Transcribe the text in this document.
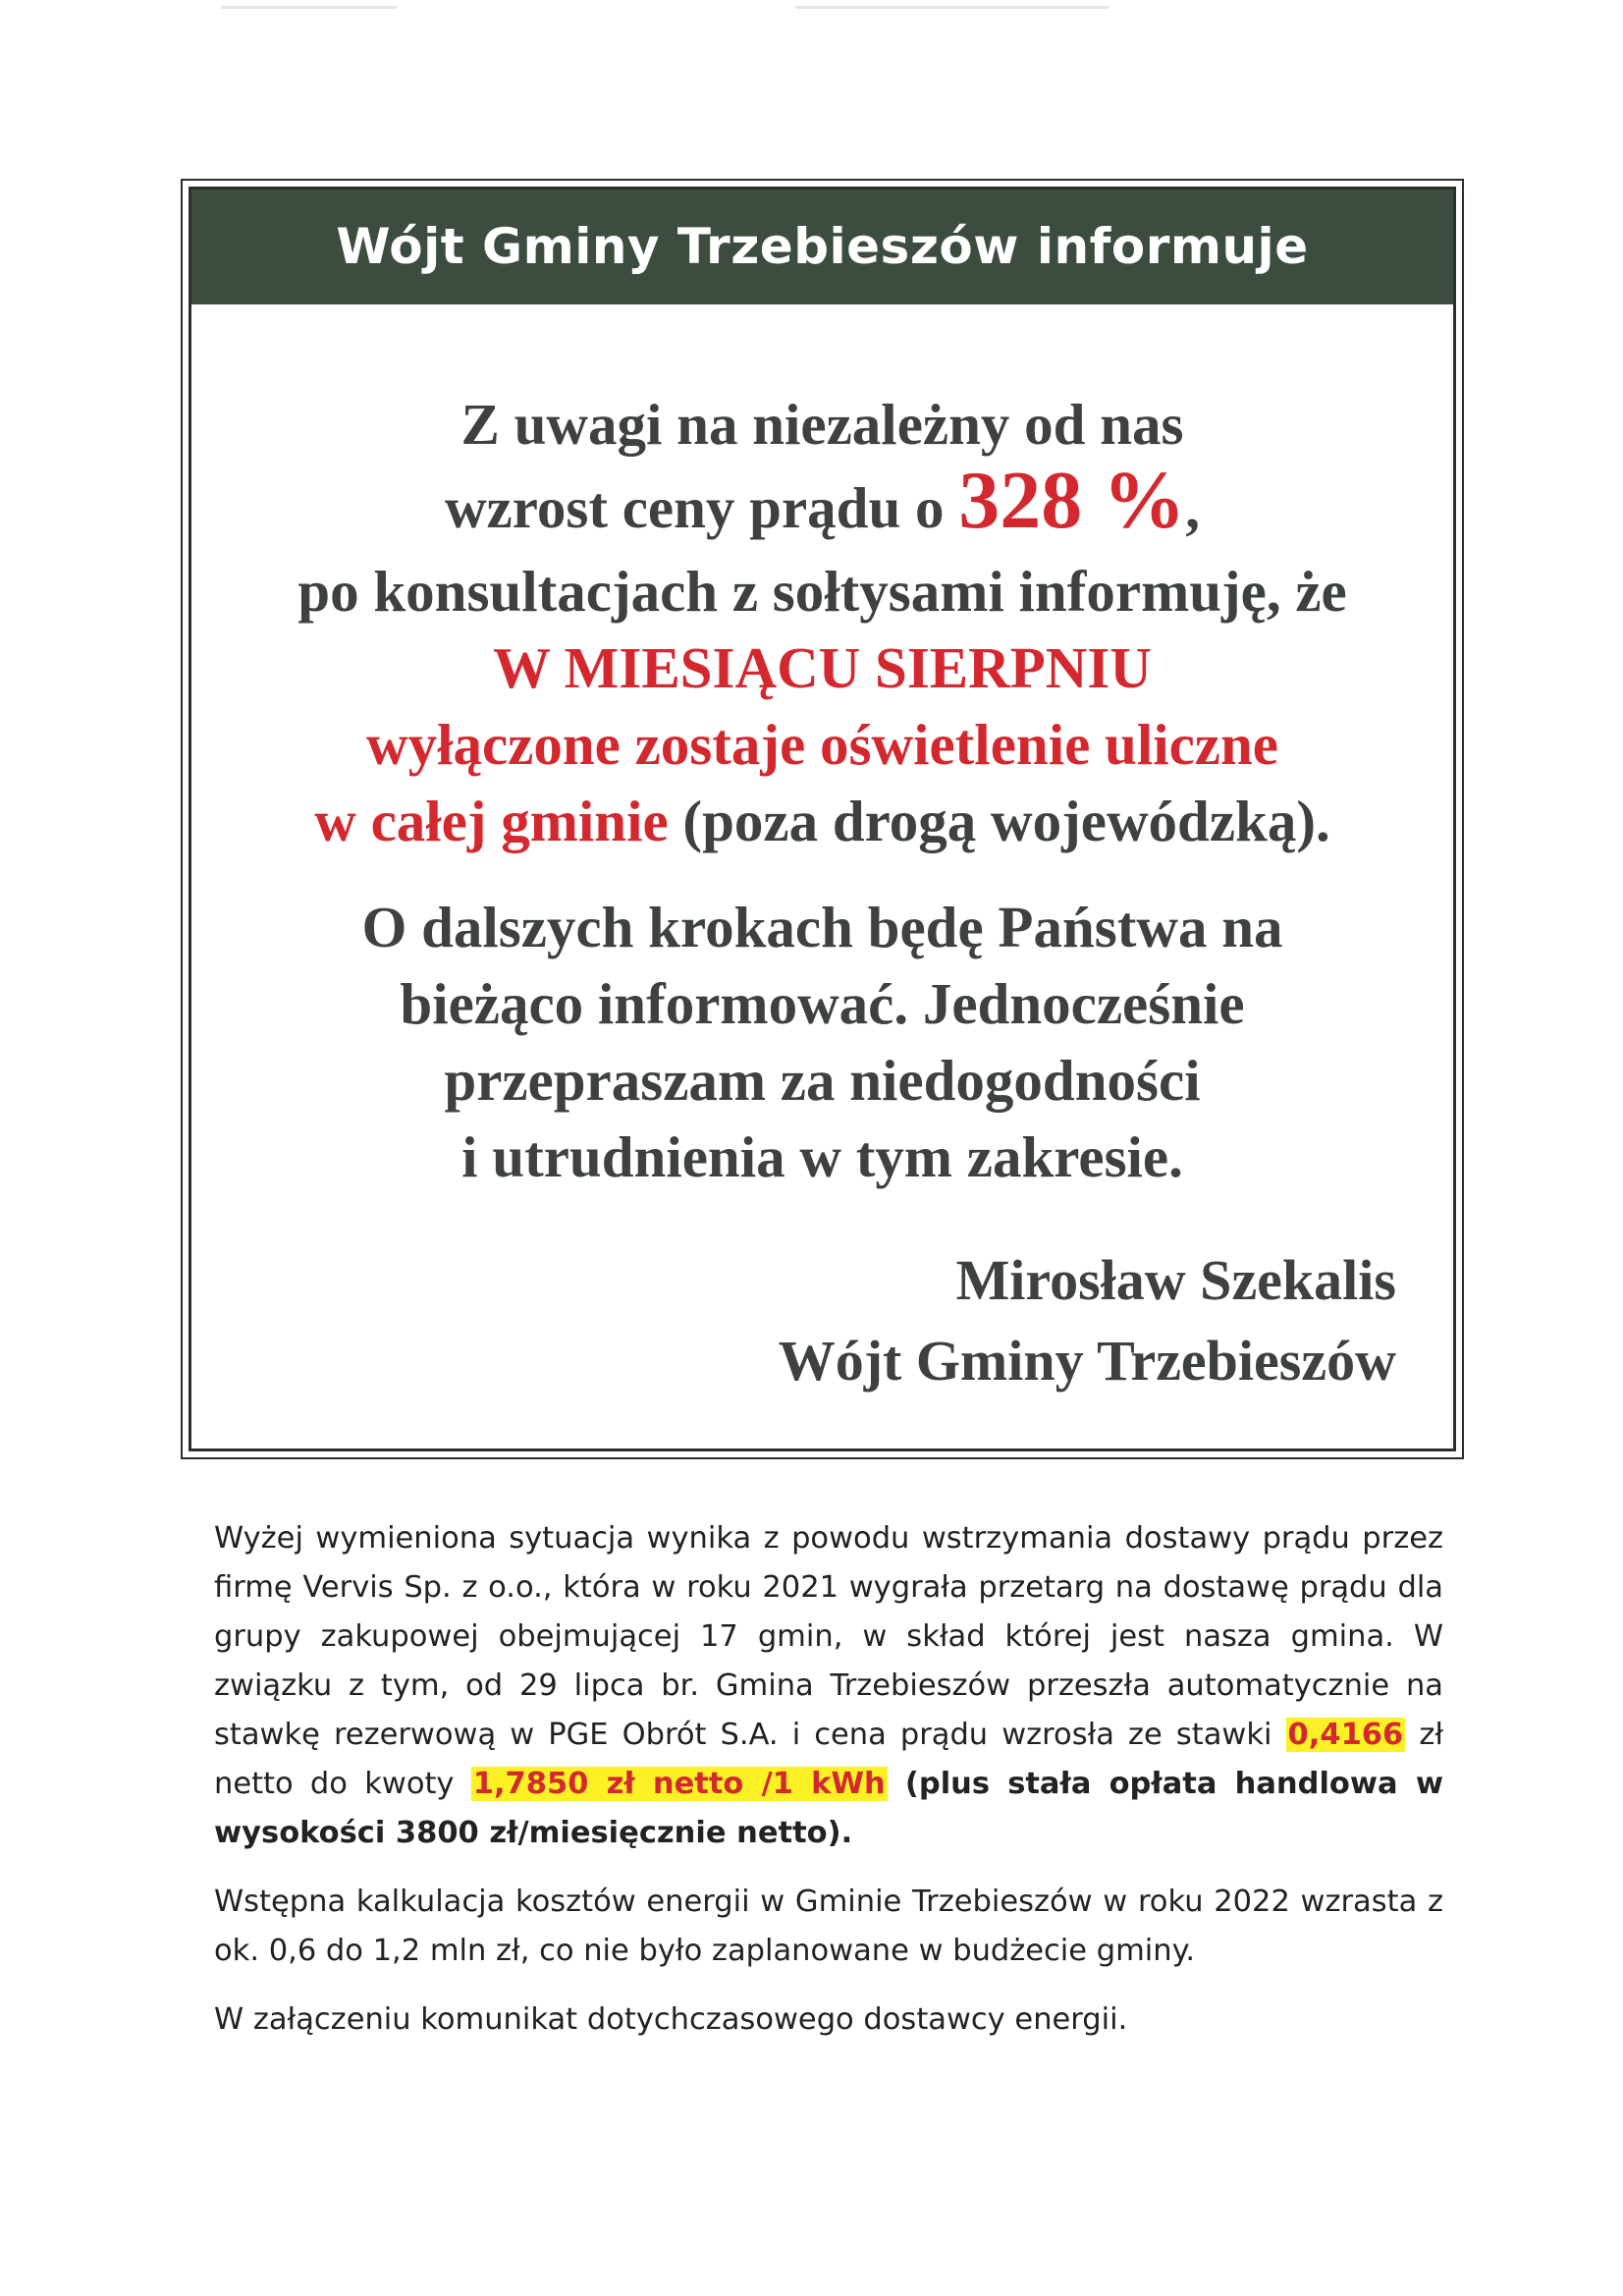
Wójt Gminy Trzebieszów informuje
Z uwagi na niezależny od nas
wzrost ceny prądu o 328 %,
po konsultacjach z sołtysami informuję, że
W MIESIĄCU SIERPNIU
wyłączone zostaje oświetlenie uliczne
w całej gminie (poza drogą wojewódzką).
O dalszych krokach będę Państwa na
bieżąco informować. Jednocześnie
przepraszam za niedogodności
i utrudnienia w tym zakresie.
Mirosław Szekalis
Wójt Gminy Trzebieszów

Wyżej wymieniona sytuacja wynika z powodu wstrzymania dostawy prądu przez firmę Vervis Sp. z o.o., która w roku 2021 wygrała przetarg na dostawę prądu dla grupy zakupowej obejmującej 17 gmin, w skład której jest nasza gmina. W związku z tym, od 29 lipca br. Gmina Trzebieszów przeszła automatycznie na stawkę rezerwową w PGE Obrót S.A. i cena prądu wzrosła ze stawki 0,4166 zł netto do kwoty 1,7850 zł netto /1 kWh (plus stała opłata handlowa w wysokości 3800 zł/miesięcznie netto).

Wstępna kalkulacja kosztów energii w Gminie Trzebieszów w roku 2022 wzrasta z ok. 0,6 do 1,2 mln zł, co nie było zaplanowane w budżecie gminy.

W załączeniu komunikat dotychczasowego dostawcy energii.
